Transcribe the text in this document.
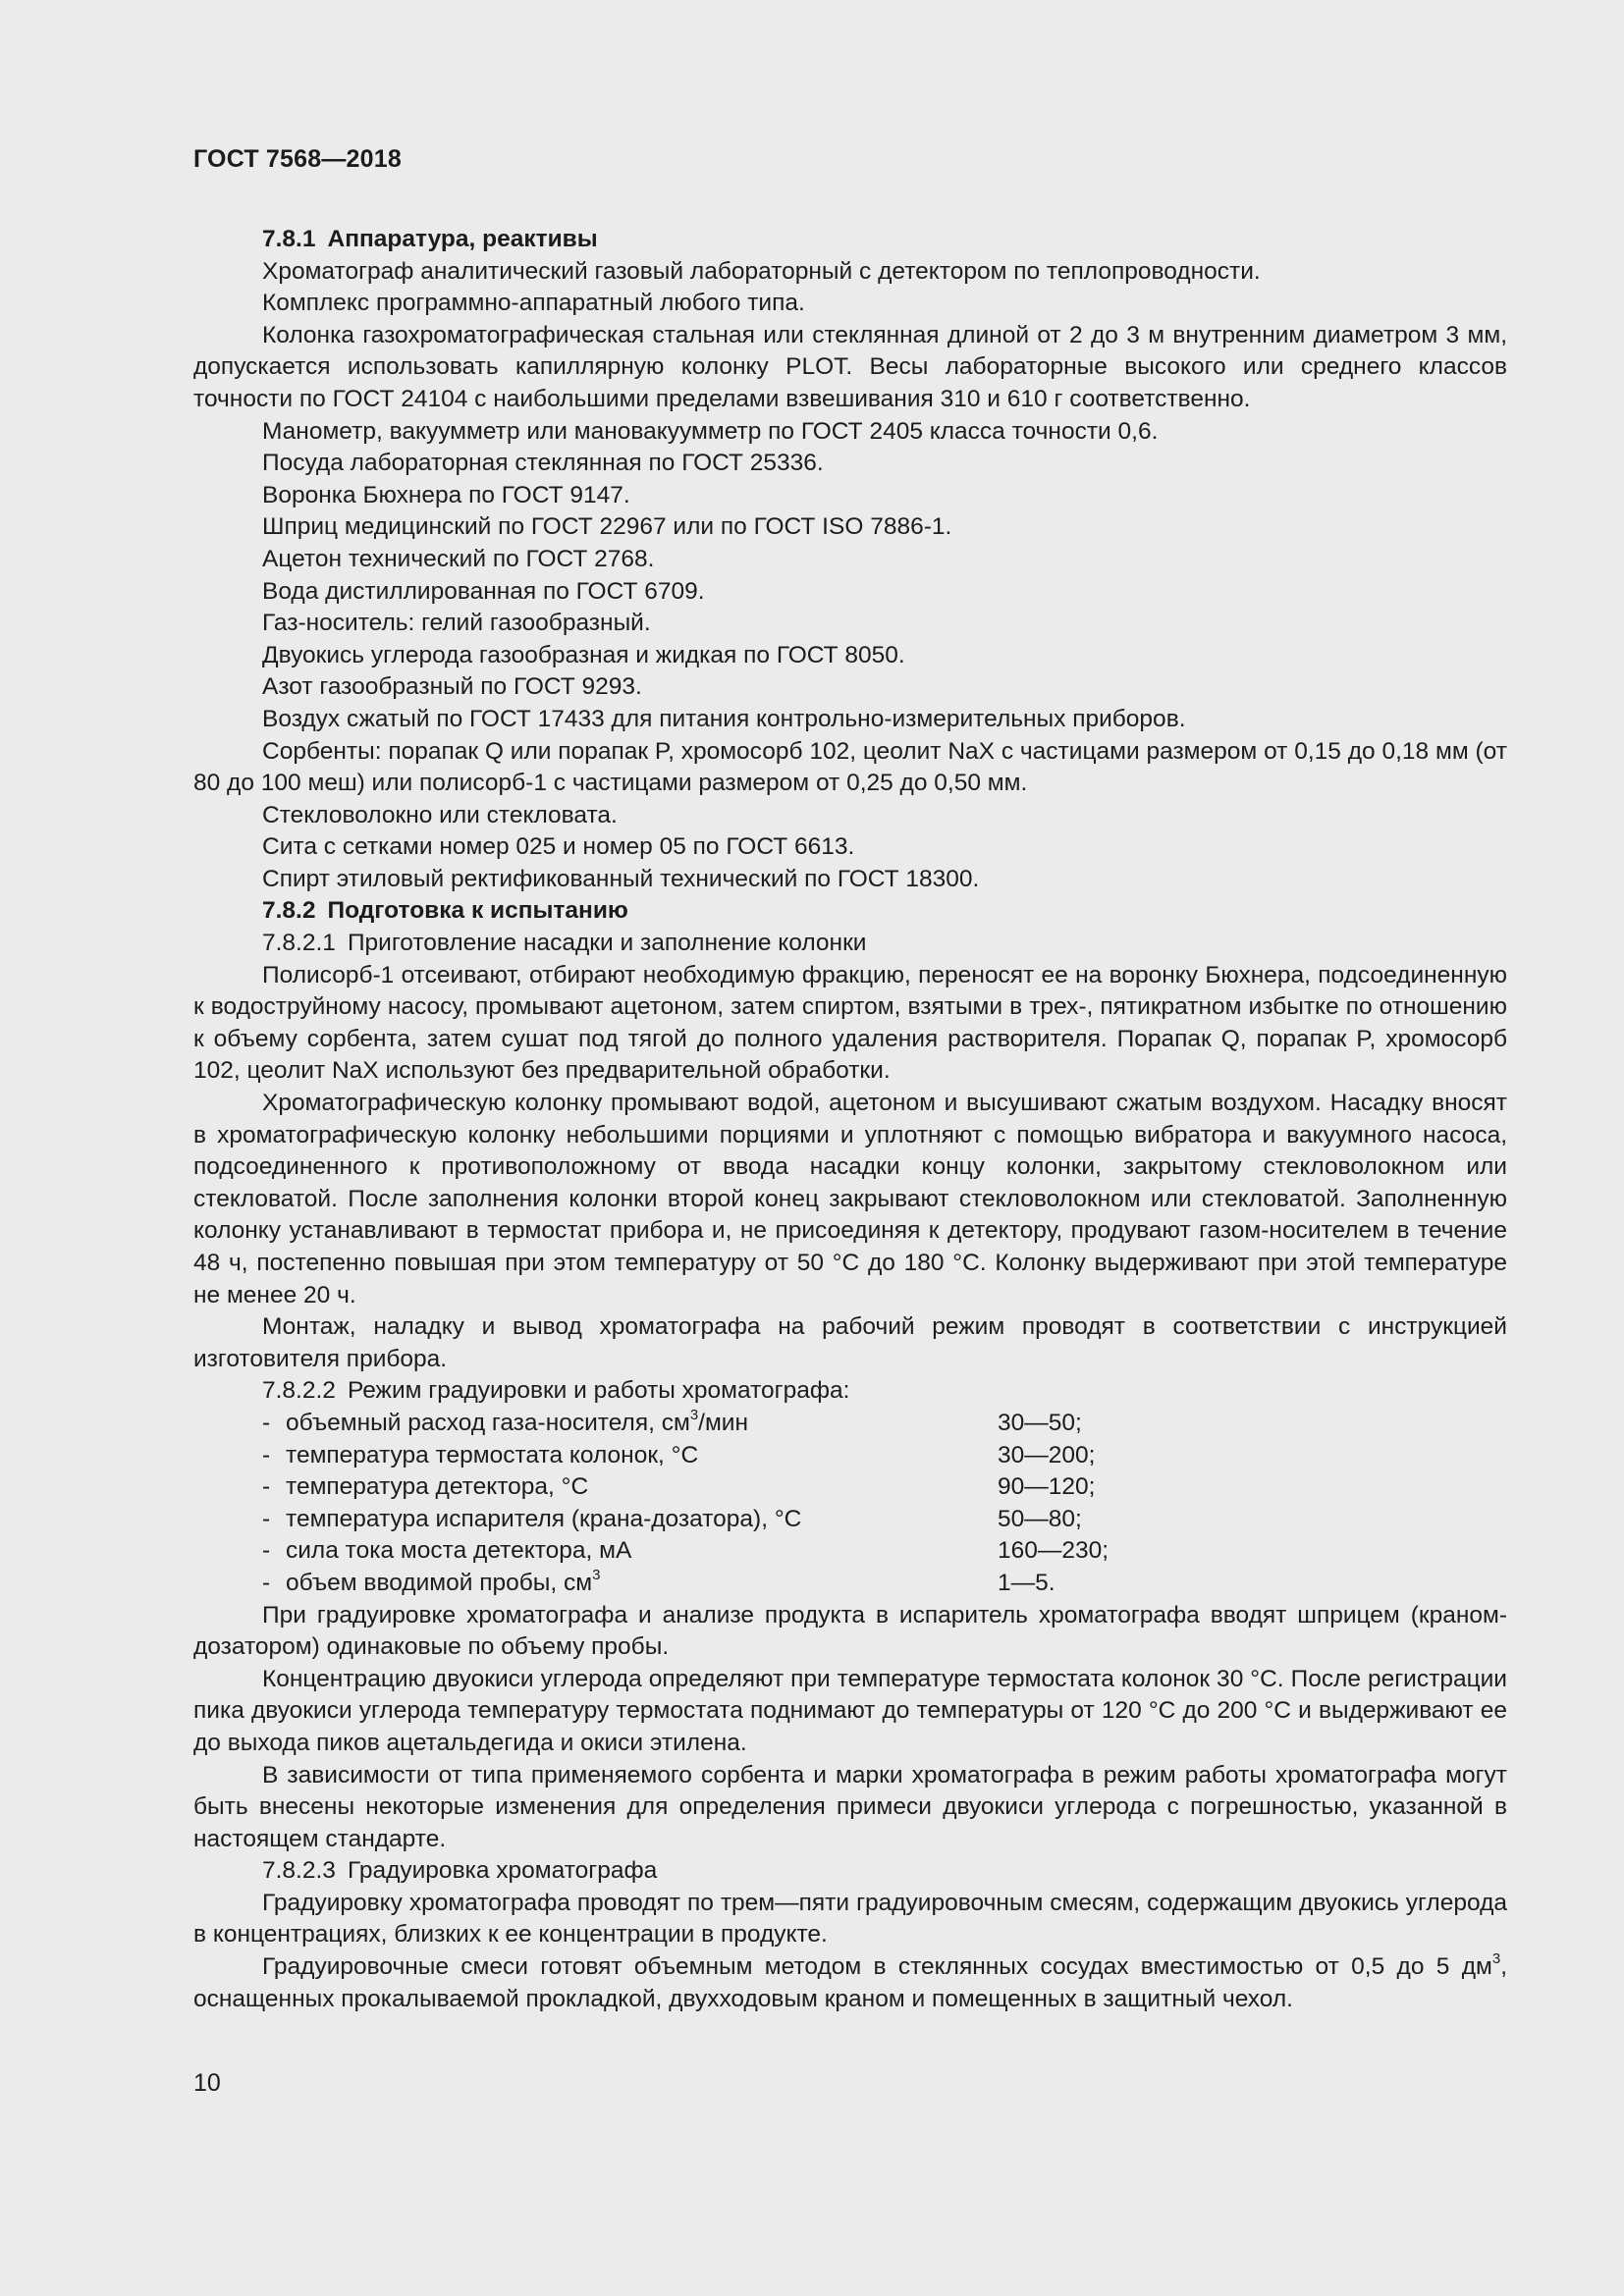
ГОСТ 7568—2018

7.8.1 Аппаратура, реактивы

Хроматограф аналитический газовый лабораторный с детектором по теплопроводности.

Комплекс программно-аппаратный любого типа.

Колонка газохроматографическая стальная или стеклянная длиной от 2 до 3 м внутренним диаметром 3 мм, допускается использовать капиллярную колонку PLOT. Весы лабораторные высокого или среднего классов точности по ГОСТ 24104 с наибольшими пределами взвешивания 310 и 610 г соответственно.

Манометр, вакуумметр или мановакуумметр по ГОСТ 2405 класса точности 0,6.

Посуда лабораторная стеклянная по ГОСТ 25336.

Воронка Бюхнера по ГОСТ 9147.

Шприц медицинский по ГОСТ 22967 или по ГОСТ ISO 7886-1.

Ацетон технический по ГОСТ 2768.

Вода дистиллированная по ГОСТ 6709.

Газ-носитель: гелий газообразный.

Двуокись углерода газообразная и жидкая по ГОСТ 8050.

Азот газообразный по ГОСТ 9293.

Воздух сжатый по ГОСТ 17433 для питания контрольно-измерительных приборов.

Сорбенты: порапак Q или порапак P, хромосорб 102, цеолит NaX с частицами размером от 0,15 до 0,18 мм (от 80 до 100 меш) или полисорб-1 с частицами размером от 0,25 до 0,50 мм.

Стекловолокно или стекловата.

Сита с сетками номер 025 и номер 05 по ГОСТ 6613.

Спирт этиловый ректификованный технический по ГОСТ 18300.

7.8.2 Подготовка к испытанию

7.8.2.1 Приготовление насадки и заполнение колонки

Полисорб-1 отсеивают, отбирают необходимую фракцию, переносят ее на воронку Бюхнера, подсоединенную к водоструйному насосу, промывают ацетоном, затем спиртом, взятыми в трех-, пятикратном избытке по отношению к объему сорбента, затем сушат под тягой до полного удаления растворителя. Порапак Q, порапак P, хромосорб 102, цеолит NaX используют без предварительной обработки.

Хроматографическую колонку промывают водой, ацетоном и высушивают сжатым воздухом. Насадку вносят в хроматографическую колонку небольшими порциями и уплотняют с помощью вибратора и вакуумного насоса, подсоединенного к противоположному от ввода насадки концу колонки, закрытому стекловолокном или стекловатой. После заполнения колонки второй конец закрывают стекловолокном или стекловатой. Заполненную колонку устанавливают в термостат прибора и, не присоединяя к детектору, продувают газом-носителем в течение 48 ч, постепенно повышая при этом температуру от 50 °C до 180 °C. Колонку выдерживают при этой температуре не менее 20 ч.

Монтаж, наладку и вывод хроматографа на рабочий режим проводят в соответствии с инструкцией изготовителя прибора.

7.8.2.2 Режим градуировки и работы хроматографа:

- объемный расход газа-носителя, $см^3$/мин	30—50;
- температура термостата колонок, °C	30—200;
- температура детектора, °C	90—120;
- температура испарителя (крана-дозатора), °C	50—80;
- сила тока моста детектора, мА	160—230;
- объем вводимой пробы, $см^3$	1—5.

При градуировке хроматографа и анализе продукта в испаритель хроматографа вводят шприцем (краном-дозатором) одинаковые по объему пробы.

Концентрацию двуокиси углерода определяют при температуре термостата колонок 30 °C. После регистрации пика двуокиси углерода температуру термостата поднимают до температуры от 120 °C до 200 °C и выдерживают ее до выхода пиков ацетальдегида и окиси этилена.

В зависимости от типа применяемого сорбента и марки хроматографа в режим работы хроматографа могут быть внесены некоторые изменения для определения примеси двуокиси углерода с погрешностью, указанной в настоящем стандарте.

7.8.2.3 Градуировка хроматографа

Градуировку хроматографа проводят по трем—пяти градуировочным смесям, содержащим двуокись углерода в концентрациях, близких к ее концентрации в продукте.

Градуировочные смеси готовят объемным методом в стеклянных сосудах вместимостью от 0,5 до 5 $дм^3$, оснащенных прокалываемой прокладкой, двухходовым краном и помещенных в защитный чехол.

10
